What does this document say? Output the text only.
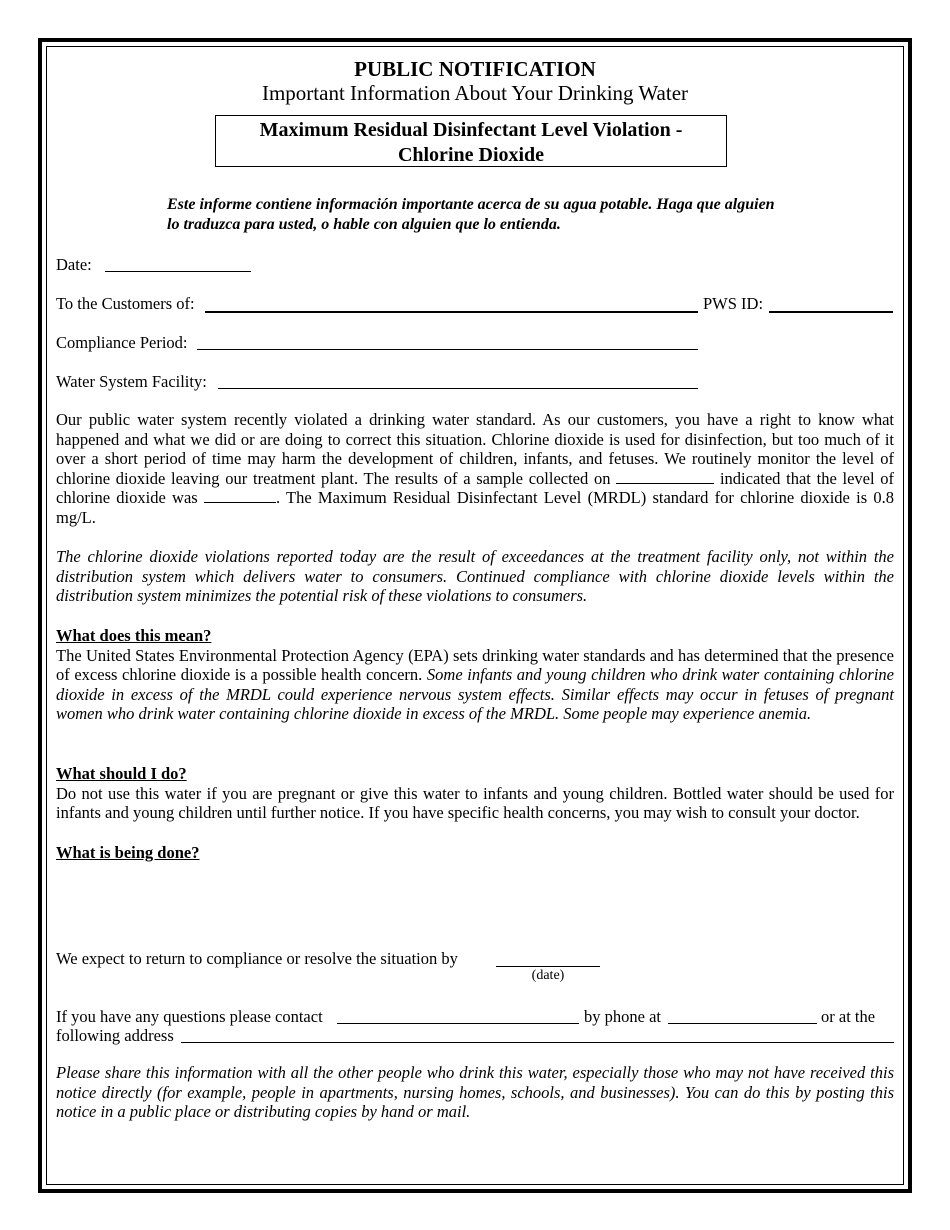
PUBLIC NOTIFICATION
Important Information About Your Drinking Water
Maximum Residual Disinfectant Level Violation -
Chlorine Dioxide
Este informe contiene información importante acerca de su agua potable. Haga que alguien lo traduzca para usted, o hable con alguien que lo entienda.
Date:
To the Customers of:	PWS ID:
Compliance Period:
Water System Facility:
Our public water system recently violated a drinking water standard. As our customers, you have a right to know what happened and what we did or are doing to correct this situation. Chlorine dioxide is used for disinfection, but too much of it over a short period of time may harm the development of children, infants, and fetuses. We routinely monitor the level of chlorine dioxide leaving our treatment plant. The results of a sample collected on	indicated that the level of chlorine dioxide was	. The Maximum Residual Disinfectant Level (MRDL) standard for chlorine dioxide is 0.8 mg/L.
The chlorine dioxide violations reported today are the result of exceedances at the treatment facility only, not within the distribution system which delivers water to consumers. Continued compliance with chlorine dioxide levels within the distribution system minimizes the potential risk of these violations to consumers.
What does this mean?
The United States Environmental Protection Agency (EPA) sets drinking water standards and has determined that the presence of excess chlorine dioxide is a possible health concern. Some infants and young children who drink water containing chlorine dioxide in excess of the MRDL could experience nervous system effects. Similar effects may occur in fetuses of pregnant women who drink water containing chlorine dioxide in excess of the MRDL. Some people may experience anemia.
What should I do?
Do not use this water if you are pregnant or give this water to infants and young children. Bottled water should be used for infants and young children until further notice. If you have specific health concerns, you may wish to consult your doctor.
What is being done?
We expect to return to compliance or resolve the situation by
(date)
If you have any questions please contact	by phone at	or at the
following address
Please share this information with all the other people who drink this water, especially those who may not have received this notice directly (for example, people in apartments, nursing homes, schools, and businesses). You can do this by posting this notice in a public place or distributing copies by hand or mail.
